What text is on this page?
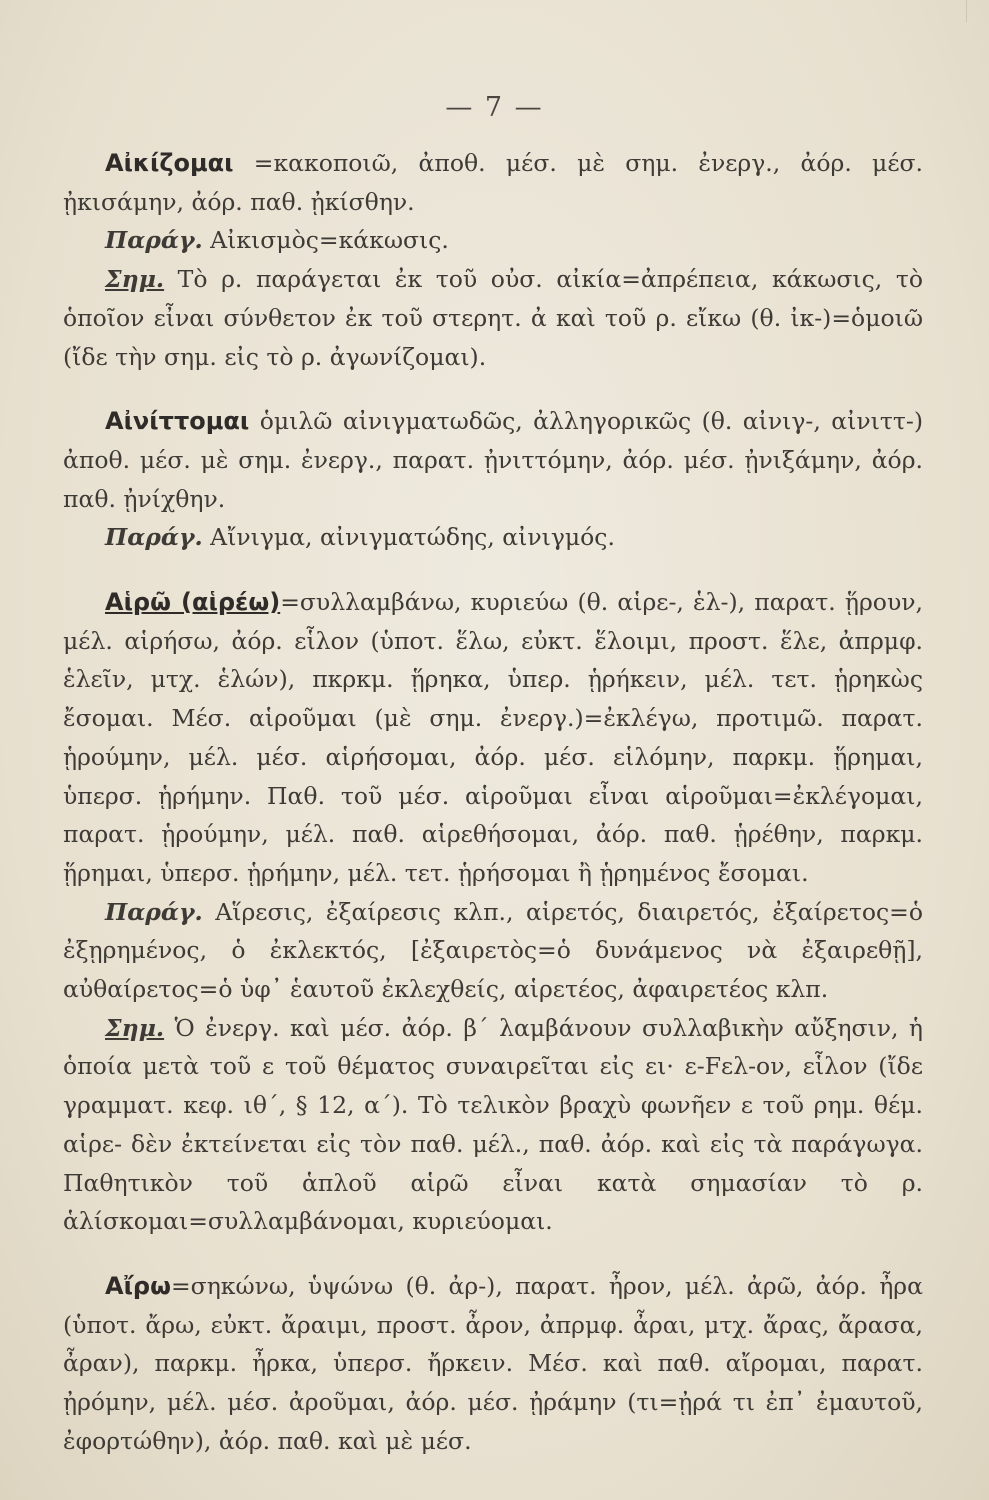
— 7 —

Αἰκίζομαι =κακοποιῶ, ἀποθ. μέσ. μὲ σημ. ἐνεργ., ἀόρ. μέσ. ᾐκισάμην, ἀόρ. παθ. ᾐκίσθην.

Παράγ. Αἰκισμὸς=κάκωσις.

Σημ. Τὸ ρ. παράγεται ἐκ τοῦ οὐσ. αἰκία=ἀπρέπεια, κάκωσις, τὸ ὁποῖον εἶναι σύνθετον ἐκ τοῦ στερητ. ἀ καὶ τοῦ ρ. εἴκω (θ. ἰκ-)=ὁμοιῶ (ἴδε τὴν σημ. εἰς τὸ ρ. ἀγωνίζομαι).

Αἰνίττομαι ὁμιλῶ αἰνιγματωδῶς, ἀλληγορικῶς (θ. αἰνιγ-, αἰνιττ-) ἀποθ. μέσ. μὲ σημ. ἐνεργ., παρατ. ᾐνιττόμην, ἀόρ. μέσ. ᾐνιξάμην, ἀόρ. παθ. ᾐνίχθην.

Παράγ. Αἴνιγμα, αἰνιγματώδης, αἰνιγμός.

Αἱρῶ (αἱρέω)=συλλαμβάνω, κυριεύω (θ. αἱρε-, ἑλ-), παρατ. ᾕρουν, μέλ. αἱρήσω, ἀόρ. εἷλον (ὑποτ. ἕλω, εὐκτ. ἕλοιμι, προστ. ἕλε, ἀπρμφ. ἑλεῖν, μτχ. ἑλών), πκρκμ. ᾕρηκα, ὑπερ. ᾑρήκειν, μέλ. τετ. ᾑρηκὼς ἔσομαι. Μέσ. αἱροῦμαι (μὲ σημ. ἐνεργ.)=ἐκλέγω, προτιμῶ. παρατ. ᾑρούμην, μέλ. μέσ. αἱρήσομαι, ἀόρ. μέσ. εἱλόμην, παρκμ. ᾕρημαι, ὑπερσ. ᾑρήμην. Παθ. τοῦ μέσ. αἱροῦμαι εἶναι αἱροῦμαι=ἐκλέγομαι, παρατ. ᾑρούμην, μέλ. παθ. αἱρεθήσομαι, ἀόρ. παθ. ᾑρέθην, παρκμ. ᾕρημαι, ὑπερσ. ᾑρήμην, μέλ. τετ. ᾑρήσομαι ἢ ᾑρημένος ἔσομαι.

Παράγ. Αἵρεσις, ἐξαίρεσις κλπ., αἱρετός, διαιρετός, ἐξαίρετος=ὁ ἐξῃρημένος, ὁ ἐκλεκτός, [ἐξαιρετὸς=ὁ δυνάμενος νὰ ἐξαιρεθῇ], αὐθαίρετος=ὁ ὑφ᾿ ἑαυτοῦ ἐκλεχθείς, αἱρετέος, ἀφαιρετέος κλπ.

Σημ. Ὁ ἐνεργ. καὶ μέσ. ἀόρ. β΄ λαμβάνουν συλλαβικὴν αὔξησιν, ἡ ὁποία μετὰ τοῦ ε τοῦ θέματος συναιρεῖται εἰς ει· ε-Fελ-ον, εἷλον (ἴδε γραμματ. κεφ. ιθ΄, § 12, α΄). Τὸ τελικὸν βραχὺ φωνῆεν ε τοῦ ρημ. θέμ. αἱρε- δὲν ἐκτείνεται εἰς τὸν παθ. μέλ., παθ. ἀόρ. καὶ εἰς τὰ παράγωγα. Παθητικὸν τοῦ ἁπλοῦ αἱρῶ εἶναι κατὰ σημασίαν τὸ ρ. ἁλίσκομαι=συλλαμβάνομαι, κυριεύομαι.

Αἴρω=σηκώνω, ὑψώνω (θ. ἀρ-), παρατ. ἦρον, μέλ. ἀρῶ, ἀόρ. ἦρα (ὑποτ. ἄρω, εὐκτ. ἄραιμι, προστ. ἆρον, ἀπρμφ. ἆραι, μτχ. ἄρας, ἄρασα, ἆραν), παρκμ. ἦρκα, ὑπερσ. ἤρκειν. Μέσ. καὶ παθ. αἴρομαι, παρατ. ᾐρόμην, μέλ. μέσ. ἀροῦμαι, ἀόρ. μέσ. ᾐράμην (τι=ᾐρά τι ἐπ᾿ ἐμαυτοῦ, ἐφορτώθην), ἀόρ. παθ. καὶ μὲ μέσ.
